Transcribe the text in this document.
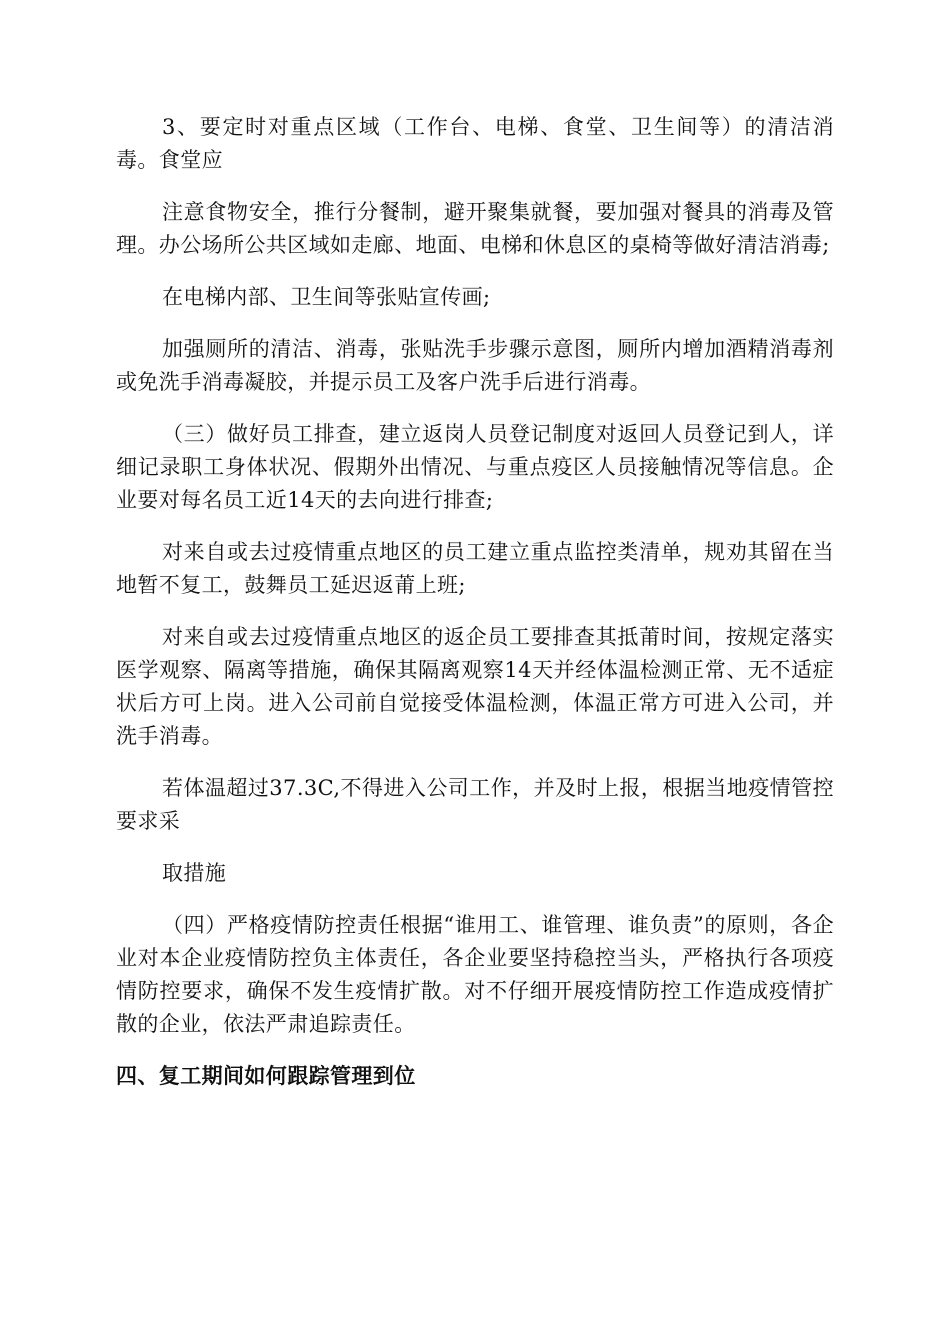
3、要定时对重点区域（工作台、电梯、食堂、卫生间等）的清洁消毒。食堂应

注意食物安全，推行分餐制，避开聚集就餐，要加强对餐具的消毒及管理。办公场所公共区域如走廊、地面、电梯和休息区的桌椅等做好清洁消毒;

在电梯内部、卫生间等张贴宣传画;

加强厕所的清洁、消毒，张贴洗手步骤示意图，厕所内增加酒精消毒剂或免洗手消毒凝胶，并提示员工及客户洗手后进行消毒。

（三）做好员工排查，建立返岗人员登记制度对返回人员登记到人，详细记录职工身体状况、假期外出情况、与重点疫区人员接触情况等信息。企业要对每名员工近14天的去向进行排查;

对来自或去过疫情重点地区的员工建立重点监控类清单，规劝其留在当地暂不复工，鼓舞员工延迟返莆上班;

对来自或去过疫情重点地区的返企员工要排查其抵莆时间，按规定落实医学观察、隔离等措施，确保其隔离观察14天并经体温检测正常、无不适症状后方可上岗。进入公司前自觉接受体温检测，体温正常方可进入公司，并洗手消毒。

若体温超过37.3C,不得进入公司工作，并及时上报，根据当地疫情管控要求采

取措施

（四）严格疫情防控责任根据“谁用工、谁管理、谁负责”的原则，各企业对本企业疫情防控负主体责任，各企业要坚持稳控当头，严格执行各项疫情防控要求，确保不发生疫情扩散。对不仔细开展疫情防控工作造成疫情扩散的企业，依法严肃追踪责任。

四、复工期间如何跟踪管理到位
